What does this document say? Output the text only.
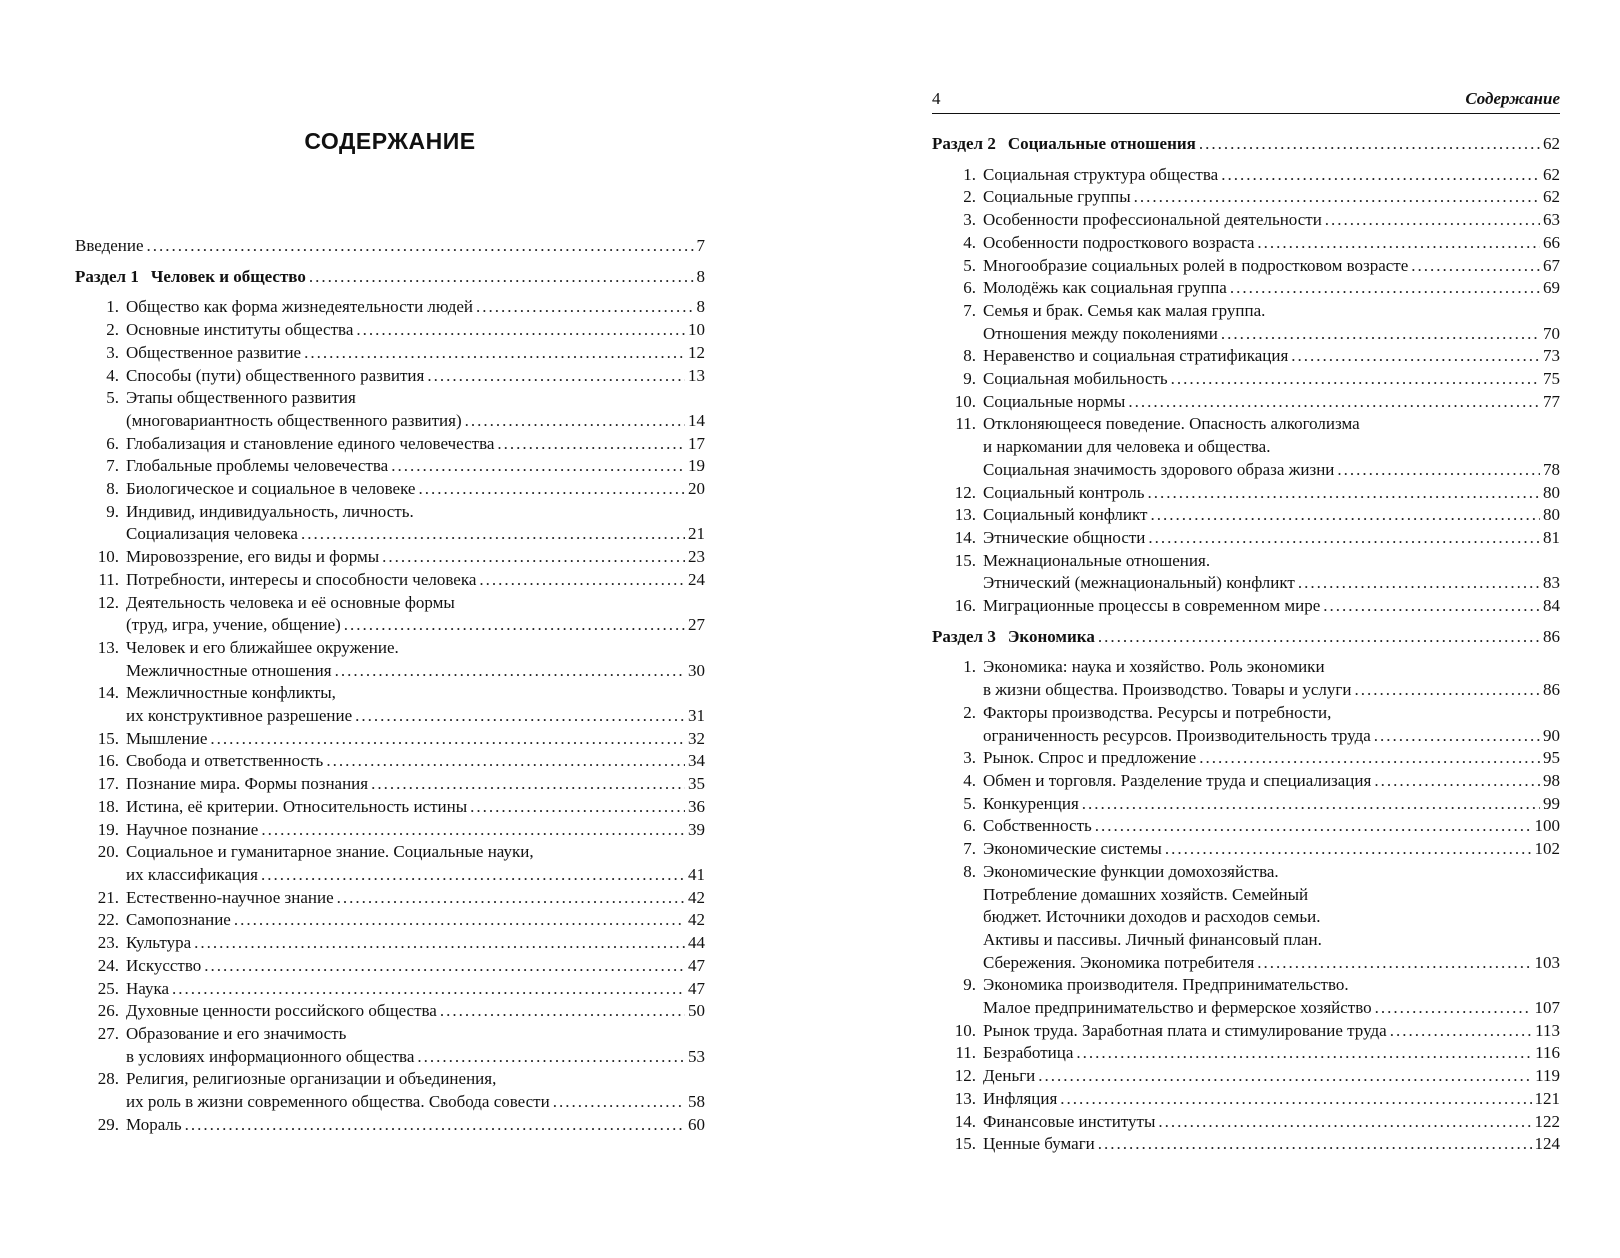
СОДЕРЖАНИЕ
Введение .....	7
Раздел 1 Человек и общество .....	8
1. Общество как форма жизнедеятельности людей .....	8
2. Основные институты общества .....	10
3. Общественное развитие .....	12
4. Способы (пути) общественного развития .....	13
5. Этапы общественного развития
(многовариантность общественного развития) .....	14
6. Глобализация и становление единого человечества .....	17
7. Глобальные проблемы человечества .....	19
8. Биологическое и социальное в человеке .....	20
9. Индивид, индивидуальность, личность.
Социализация человека .....	21
10. Мировоззрение, его виды и формы .....	23
11. Потребности, интересы и способности человека .....	24
12. Деятельность человека и её основные формы
(труд, игра, учение, общение) .....	27
13. Человек и его ближайшее окружение.
Межличностные отношения .....	30
14. Межличностные конфликты,
их конструктивное разрешение .....	31
15. Мышление .....	32
16. Свобода и ответственность .....	34
17. Познание мира. Формы познания .....	35
18. Истина, её критерии. Относительность истины .....	36
19. Научное познание .....	39
20. Социальное и гуманитарное знание. Социальные науки,
их классификация .....	41
21. Естественно-научное знание .....	42
22. Самопознание .....	42
23. Культура .....	44
24. Искусство .....	47
25. Наука .....	47
26. Духовные ценности российского общества .....	50
27. Образование и его значимость
в условиях информационного общества .....	53
28. Религия, религиозные организации и объединения,
их роль в жизни современного общества. Свобода совести .....	58
29. Мораль .....	60
4	Содержание
Раздел 2 Социальные отношения .....	62
1. Социальная структура общества .....	62
2. Социальные группы .....	62
3. Особенности профессиональной деятельности .....	63
4. Особенности подросткового возраста .....	66
5. Многообразие социальных ролей в подростковом возрасте .....	67
6. Молодёжь как социальная группа .....	69
7. Семья и брак. Семья как малая группа.
Отношения между поколениями .....	70
8. Неравенство и социальная стратификация .....	73
9. Социальная мобильность .....	75
10. Социальные нормы .....	77
11. Отклоняющееся поведение. Опасность алкоголизма
и наркомании для человека и общества.
Социальная значимость здорового образа жизни .....	78
12. Социальный контроль .....	80
13. Социальный конфликт .....	80
14. Этнические общности .....	81
15. Межнациональные отношения.
Этнический (межнациональный) конфликт .....	83
16. Миграционные процессы в современном мире .....	84
Раздел 3 Экономика .....	86
1. Экономика: наука и хозяйство. Роль экономики
в жизни общества. Производство. Товары и услуги .....	86
2. Факторы производства. Ресурсы и потребности,
ограниченность ресурсов. Производительность труда .....	90
3. Рынок. Спрос и предложение .....	95
4. Обмен и торговля. Разделение труда и специализация .....	98
5. Конкуренция .....	99
6. Собственность .....	100
7. Экономические системы .....	102
8. Экономические функции домохозяйства.
Потребление домашних хозяйств. Семейный
бюджет. Источники доходов и расходов семьи.
Активы и пассивы. Личный финансовый план.
Сбережения. Экономика потребителя .....	103
9. Экономика производителя. Предпринимательство.
Малое предпринимательство и фермерское хозяйство .....	107
10. Рынок труда. Заработная плата и стимулирование труда .....	113
11. Безработица .....	116
12. Деньги .....	119
13. Инфляция .....	121
14. Финансовые институты .....	122
15. Ценные бумаги .....	124
